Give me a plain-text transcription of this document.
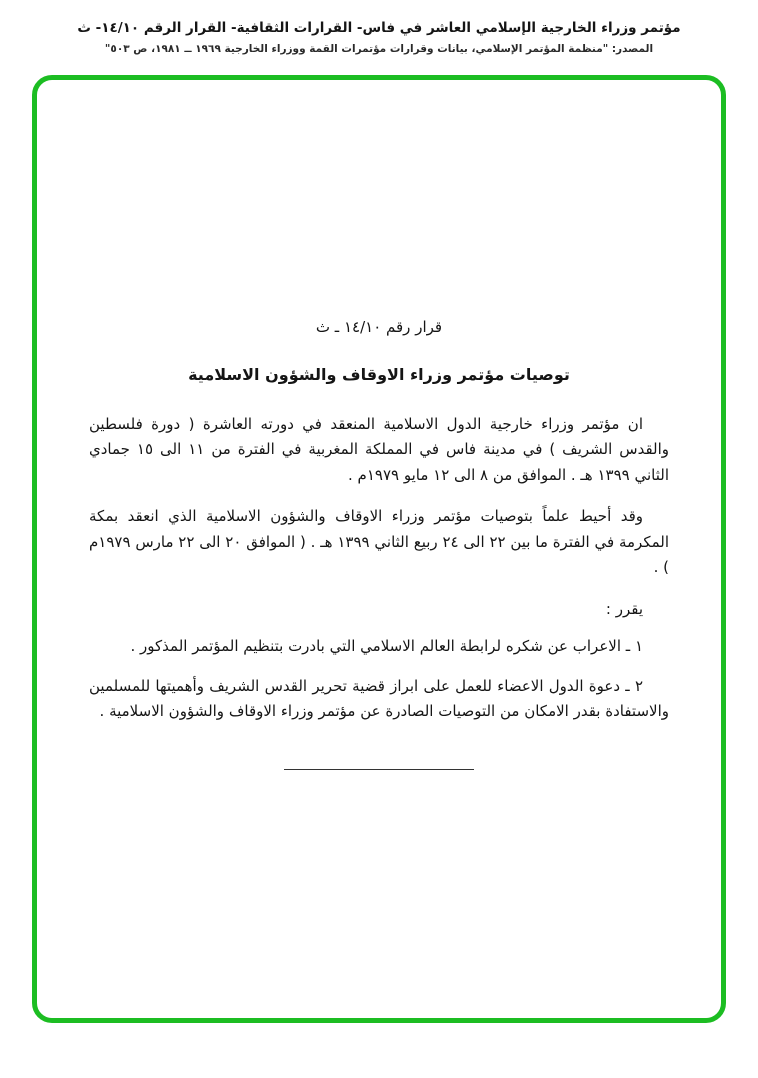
مؤتمر وزراء الخارجية الإسلامي العاشر في فاس- القرارات الثقافية- القرار الرقم ١٤/١٠- ث
المصدر: "منظمة المؤتمر الإسلامي، بيانات وقرارات مؤتمرات القمة ووزراء الخارجية ١٩٦٩ ــ ١٩٨١، ص ٥٠٣"

قرار رقم ١٤/١٠ ـ ث

توصيات مؤتمر وزراء الاوقاف والشؤون الاسلامية

ان مؤتمر وزراء خارجية الدول الاسلامية المنعقد في دورته العاشرة ( دورة فلسطين والقدس الشريف ) في مدينة فاس في المملكة المغربية في الفترة من ١١ الى ١٥ جمادي الثاني ١٣٩٩ هـ . الموافق من ٨ الى ١٢ مايو ١٩٧٩م .

وقد أحيط علماً بتوصيات مؤتمر وزراء الاوقاف والشؤون الاسلامية الذي انعقد بمكة المكرمة في الفترة ما بين ٢٢ الى ٢٤ ربيع الثاني ١٣٩٩ هـ . ( الموافق ٢٠ الى ٢٢ مارس ١٩٧٩م ) .

يقرر :

١ ـ الاعراب عن شكره لرابطة العالم الاسلامي التي بادرت بتنظيم المؤتمر المذكور .

٢ ـ دعوة الدول الاعضاء للعمل على ابراز قضية تحرير القدس الشريف وأهميتها للمسلمين والاستفادة بقدر الامكان من التوصيات الصادرة عن مؤتمر وزراء الاوقاف والشؤون الاسلامية .
